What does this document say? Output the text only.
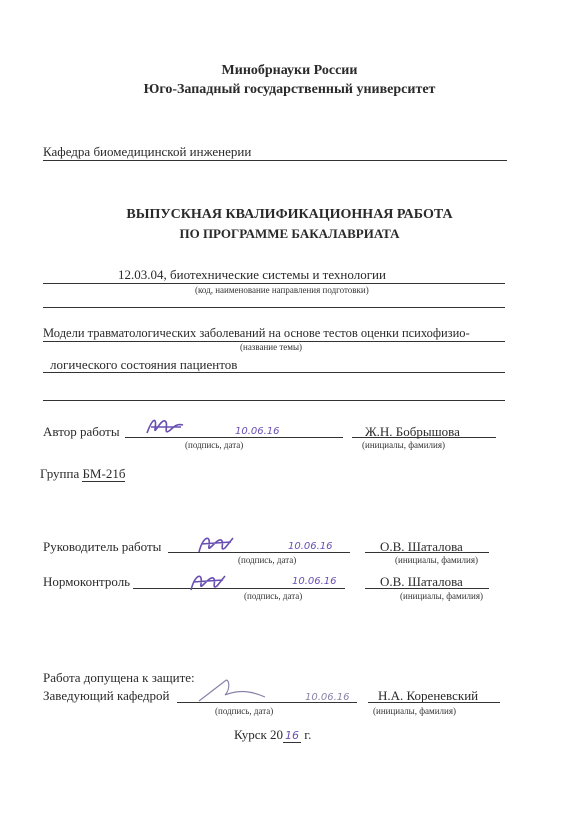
Минобрнауки России
Юго-Западный государственный университет
Кафедра биомедицинской инженерии
ВЫПУСКНАЯ КВАЛИФИКАЦИОННАЯ РАБОТА
ПО ПРОГРАММЕ БАКАЛАВРИАТА
12.03.04, биотехнические системы и технологии
(код, наименование направления подготовки)
Модели травматологических заболеваний на основе тестов оценки психофизио-
(название темы)
логического состояния пациентов
Автор работы	10.06.16	Ж.Н. Бобрышова
(подпись, дата)	(инициалы, фамилия)
Группа БМ-21б
Руководитель работы	10.06.16	О.В. Шаталова
(подпись, дата)	(инициалы, фамилия)
Нормоконтроль	10.06.16	О.В. Шаталова
(подпись, дата)	(инициалы, фамилия)
Работа допущена к защите:
Заведующий кафедрой	10.06.16 Н.А. Кореневский
(подпись, дата)	(инициалы, фамилия)
Курск 20 16 г.
